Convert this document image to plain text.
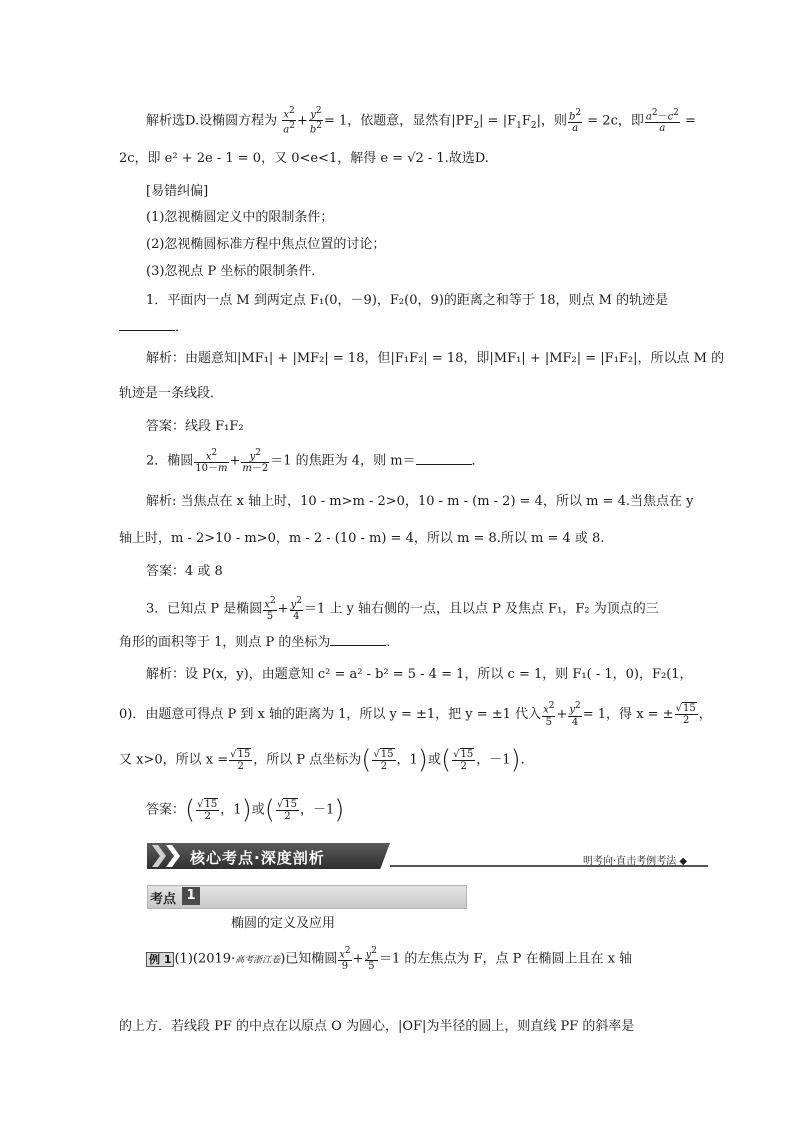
解析选D.设椭圆方程为 $\frac{x^2}{a^2} + \frac{y^2}{b^2} = 1$，依题意，显然有$|PF_2| = |F_1F_2|$，则 $\frac{b^2}{a} = 2c$，即 $\frac{a^2-c^2}{a}$ =
2c，即 e² + 2e - 1 = 0，又 0<e<1，解得 e = √2 - 1.故选D.
[易错纠偏]
(1)忽视椭圆定义中的限制条件；
(2)忽视椭圆标准方程中焦点位置的讨论；
(3)忽视点 P 坐标的限制条件．
1．平面内一点 M 到两定点 F₁(0，－9)，F₂(0，9)的距离之和等于 18，则点 M 的轨迹是
．
解析：由题意知|MF₁| + |MF₂| = 18，但|F₁F₂| = 18，即|MF₁| + |MF₂| = |F₁F₂|，所以点 M 的
轨迹是一条线段．
答案：线段 F₁F₂
2．椭圆 $\frac{x^2}{10-m} + \frac{y^2}{m-2} =1$ 的焦距为 4，则 m＝	．
解析: 当焦点在 x 轴上时，10 - m>m - 2>0，10 - m - (m - 2) = 4，所以 m = 4.当焦点在 y
轴上时，m - 2>10 - m>0，m - 2 - (10 - m) = 4，所以 m = 8.所以 m = 4 或 8.
答案：4 或 8
3．已知点 P 是椭圆 $\frac{x^2}{5} + \frac{y^2}{4} =1$ 上 y 轴右侧的一点，且以点 P 及焦点 F₁，F₂ 为顶点的三
角形的面积等于 1，则点 P 的坐标为	．
解析：设 P(x，y)，由题意知 c² = a² - b² = 5 - 4 = 1，所以 c = 1，则 F₁( - 1，0)，F₂(1，
0)．由题意可得点 P 到 x 轴的距离为 1，所以 y = ±1，把 y = ±1 代入 $\frac{x^2}{5} + \frac{y^2}{4} = 1$，得 x = ± $\frac{√15}{2}$ ，
又 x>0，所以 $x = \frac{√15}{2}$ ，所以 P 点坐标为( $\frac{√15}{2}$ ，1)或( $\frac{√15}{2}$ ，－1).
答案：( $\frac{√15}{2}$ ，1)或( $\frac{√15}{2}$ ，－1)
核心考点·深度剖析	明考向·直击考例考法 ◆
考点 1
椭圆的定义及应用
例 1 (1)(2019·高考浙江卷)已知椭圆 $\frac{x^2}{9} + \frac{y^2}{5} =1$ 的左焦点为 F，点 P 在椭圆上且在 x 轴
的上方．若线段 PF 的中点在以原点 O 为圆心，|OF|为半径的圆上，则直线 PF 的斜率是
